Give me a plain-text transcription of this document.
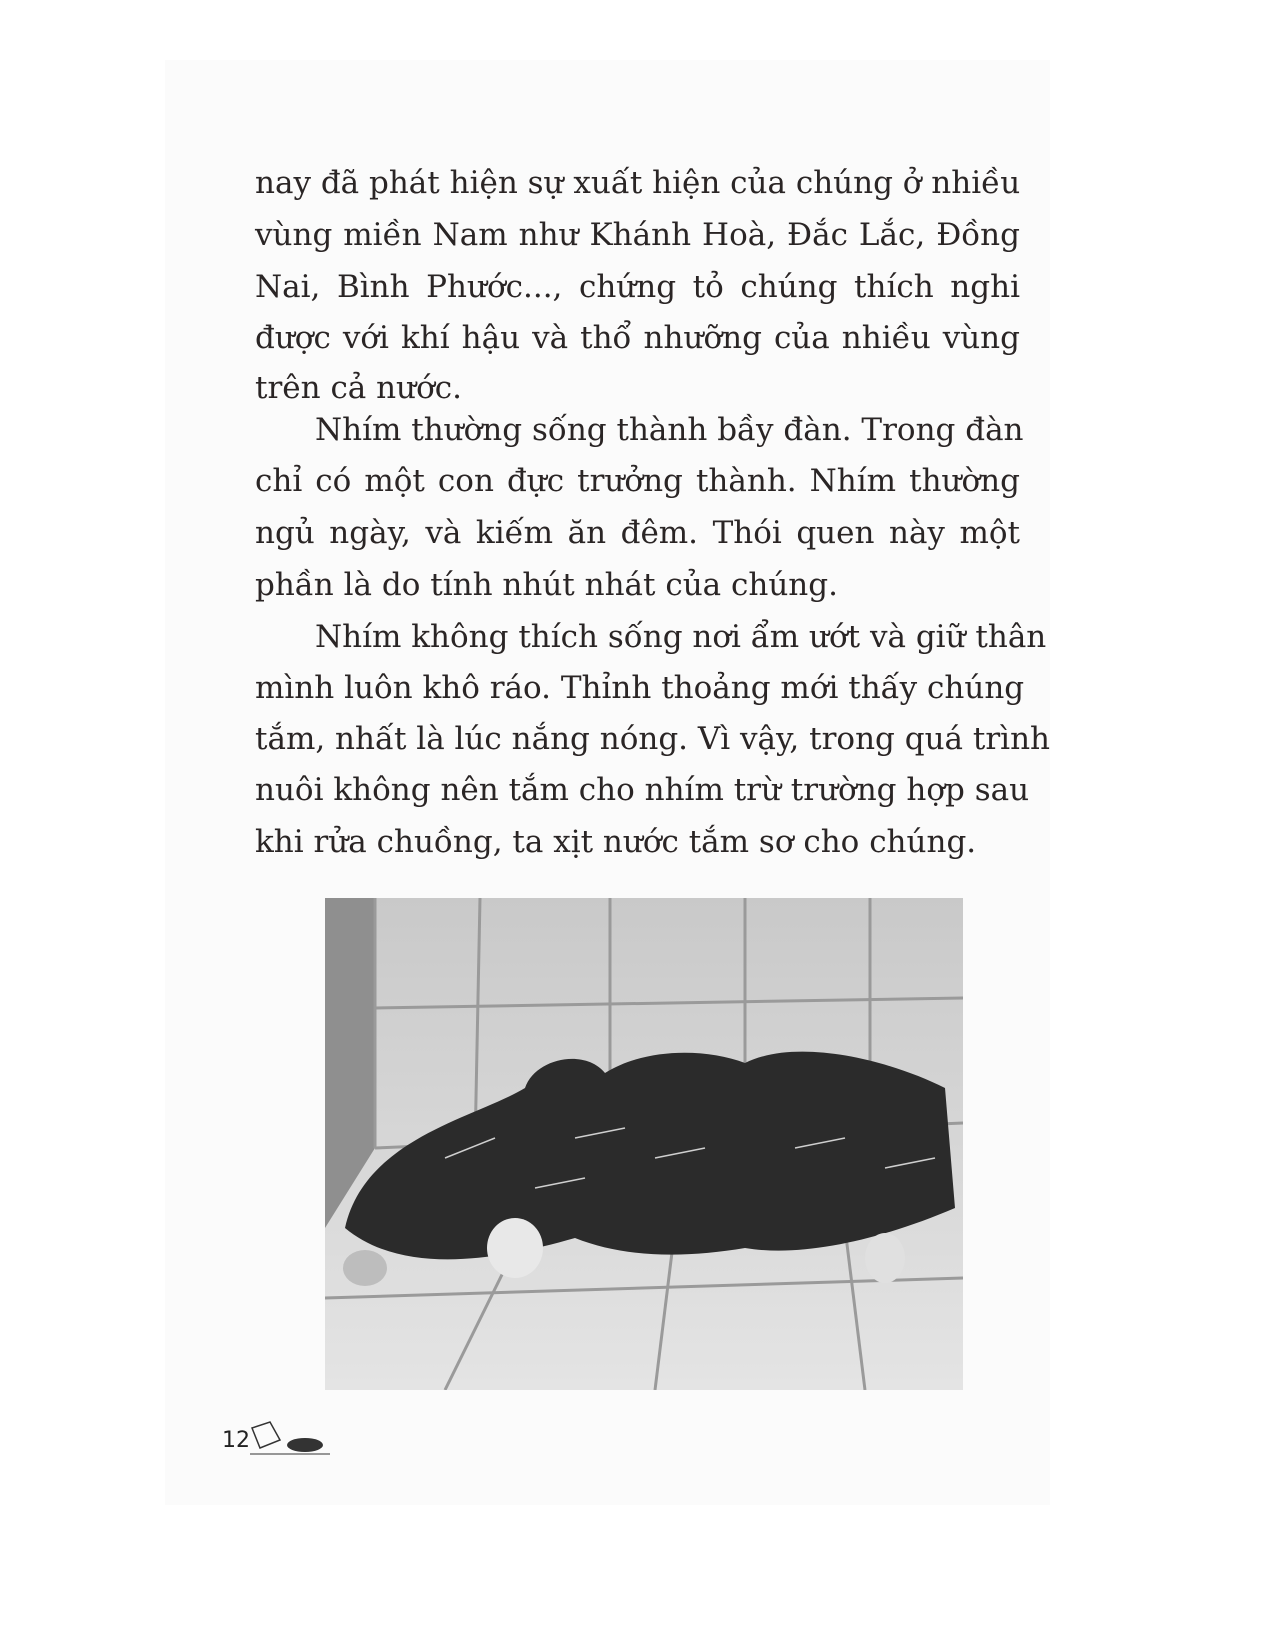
nay đã phát hiện sự xuất hiện của chúng ở nhiều
vùng miền Nam như Khánh Hoà, Đắc Lắc, Đồng
Nai, Bình Phước..., chứng tỏ chúng thích nghi
được với khí hậu và thổ nhưỡng của nhiều vùng
trên cả nước.
Nhím thường sống thành bầy đàn. Trong đàn
chỉ có một con đực trưởng thành. Nhím thường
ngủ ngày, và kiếm ăn đêm. Thói quen này một
phần là do tính nhút nhát của chúng.
Nhím không thích sống nơi ẩm ướt và giữ thân
mình luôn khô ráo. Thỉnh thoảng mới thấy chúng
tắm, nhất là lúc nắng nóng. Vì vậy, trong quá trình
nuôi không nên tắm cho nhím trừ trường hợp sau
khi rửa chuồng, ta xịt nước tắm sơ cho chúng.
12
